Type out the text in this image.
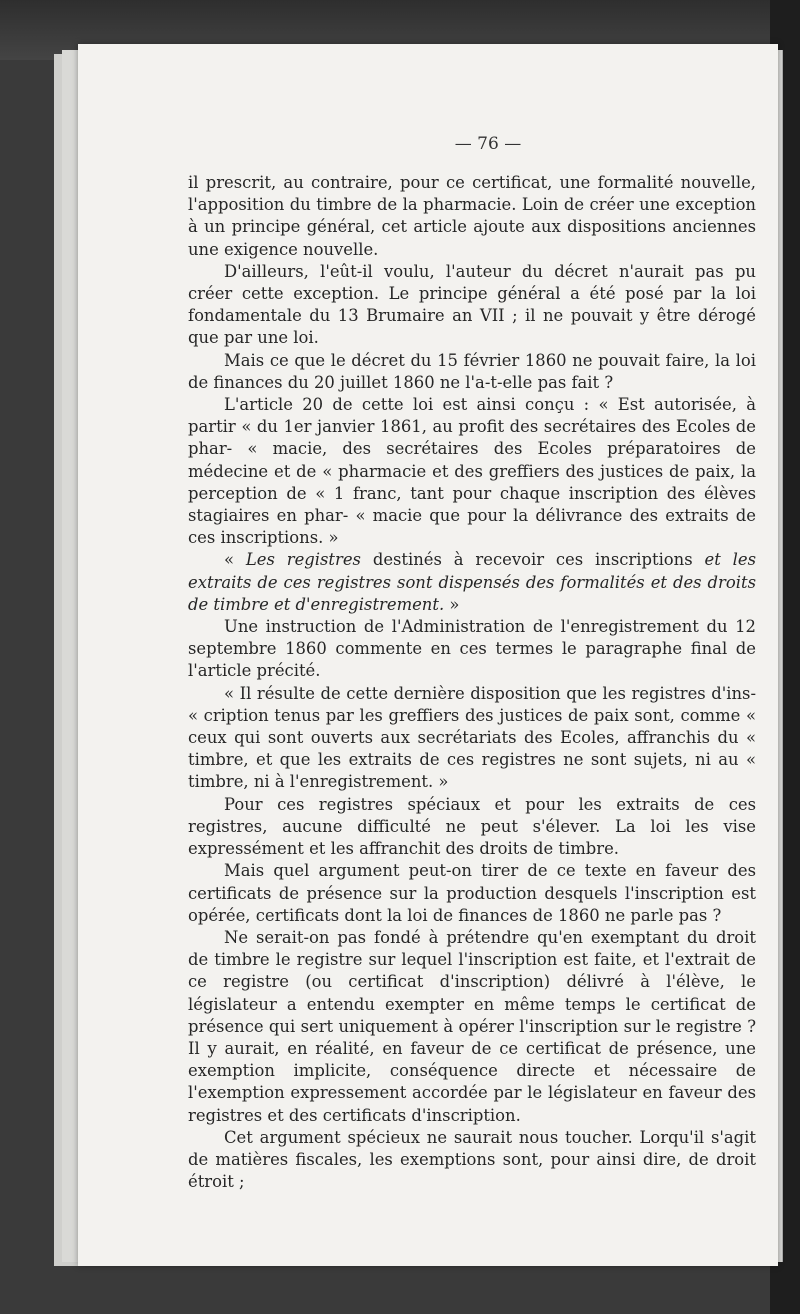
— 76 —

il prescrit, au contraire, pour ce certificat, une formalité nouvelle, l'apposition du timbre de la pharmacie. Loin de créer une exception à un principe général, cet article ajoute aux dispositions anciennes une exigence nouvelle.

D'ailleurs, l'eût-il voulu, l'auteur du décret n'aurait pas pu créer cette exception. Le principe général a été posé par la loi fondamentale du 13 Brumaire an VII ; il ne pouvait y être dérogé que par une loi.

Mais ce que le décret du 15 février 1860 ne pouvait faire, la loi de finances du 20 juillet 1860 ne l'a-t-elle pas fait ?

L'article 20 de cette loi est ainsi conçu : « Est autorisée, à partir « du 1er janvier 1861, au profit des secrétaires des Ecoles de phar- « macie, des secrétaires des Ecoles préparatoires de médecine et de « pharmacie et des greffiers des justices de paix, la perception de « 1 franc, tant pour chaque inscription des élèves stagiaires en phar- « macie que pour la délivrance des extraits de ces inscriptions. »

« Les registres destinés à recevoir ces inscriptions et les extraits de ces registres sont dispensés des formalités et des droits de timbre et d'enregistrement. »

Une instruction de l'Administration de l'enregistrement du 12 septembre 1860 commente en ces termes le paragraphe final de l'article précité.

« Il résulte de cette dernière disposition que les registres d'ins- « cription tenus par les greffiers des justices de paix sont, comme « ceux qui sont ouverts aux secrétariats des Ecoles, affranchis du « timbre, et que les extraits de ces registres ne sont sujets, ni au « timbre, ni à l'enregistrement. »

Pour ces registres spéciaux et pour les extraits de ces registres, aucune difficulté ne peut s'élever. La loi les vise expressément et les affranchit des droits de timbre.

Mais quel argument peut-on tirer de ce texte en faveur des certificats de présence sur la production desquels l'inscription est opérée, certificats dont la loi de finances de 1860 ne parle pas ?

Ne serait-on pas fondé à prétendre qu'en exemptant du droit de timbre le registre sur lequel l'inscription est faite, et l'extrait de ce registre (ou certificat d'inscription) délivré à l'élève, le législateur a entendu exempter en même temps le certificat de présence qui sert uniquement à opérer l'inscription sur le registre ? Il y aurait, en réalité, en faveur de ce certificat de présence, une exemption implicite, conséquence directe et nécessaire de l'exemption expressement accordée par le législateur en faveur des registres et des certificats d'inscription.

Cet argument spécieux ne saurait nous toucher. Lorqu'il s'agit de matières fiscales, les exemptions sont, pour ainsi dire, de droit étroit ;
